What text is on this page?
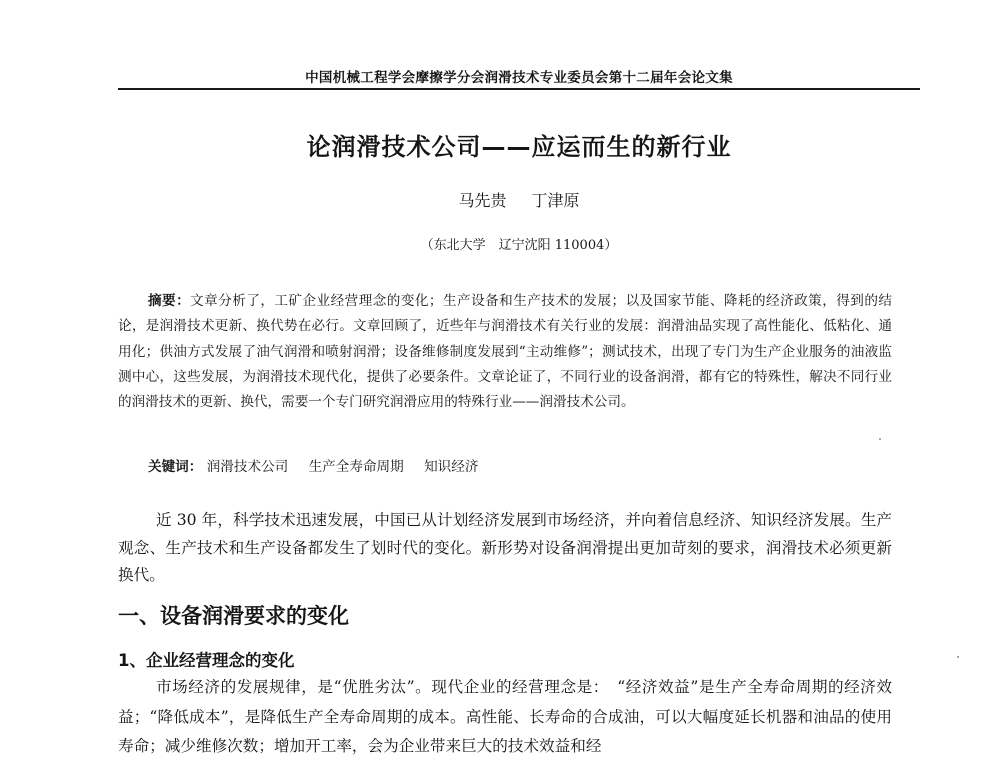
中国机械工程学会摩擦学分会润滑技术专业委员会第十二届年会论文集
论润滑技术公司——应运而生的新行业
马先贵 丁津原
（东北大学　辽宁沈阳 110004）

摘要：文章分析了，工矿企业经营理念的变化；生产设备和生产技术的发展；以及国家节能、降耗的经济政策，得到的结论，是润滑技术更新、换代势在必行。文章回顾了，近些年与润滑技术有关行业的发展：润滑油品实现了高性能化、低粘化、通用化；供油方式发展了油气润滑和喷射润滑；设备维修制度发展到“主动维修”；测试技术，出现了专门为生产企业服务的油液监测中心，这些发展，为润滑技术现代化，提供了必要条件。文章论证了，不同行业的设备润滑，都有它的特殊性，解决不同行业的润滑技术的更新、换代，需要一个专门研究润滑应用的特殊行业——润滑技术公司。

关键词： 润滑技术公司 生产全寿命周期 知识经济

近 30 年，科学技术迅速发展，中国已从计划经济发展到市场经济，并向着信息经济、知识经济发展。生产观念、生产技术和生产设备都发生了划时代的变化。新形势对设备润滑提出更加苛刻的要求，润滑技术必须更新换代。

一、设备润滑要求的变化
1、企业经营理念的变化

市场经济的发展规律，是“优胜劣汰”。现代企业的经营理念是：　“经济效益”是生产全寿命周期的经济效益；“降低成本”，是降低生产全寿命周期的成本。高性能、长寿命的合成油，可以大幅度延长机器和油品的使用寿命；减少维修次数；增加开工率，会为企业带来巨大的技术效益和经
